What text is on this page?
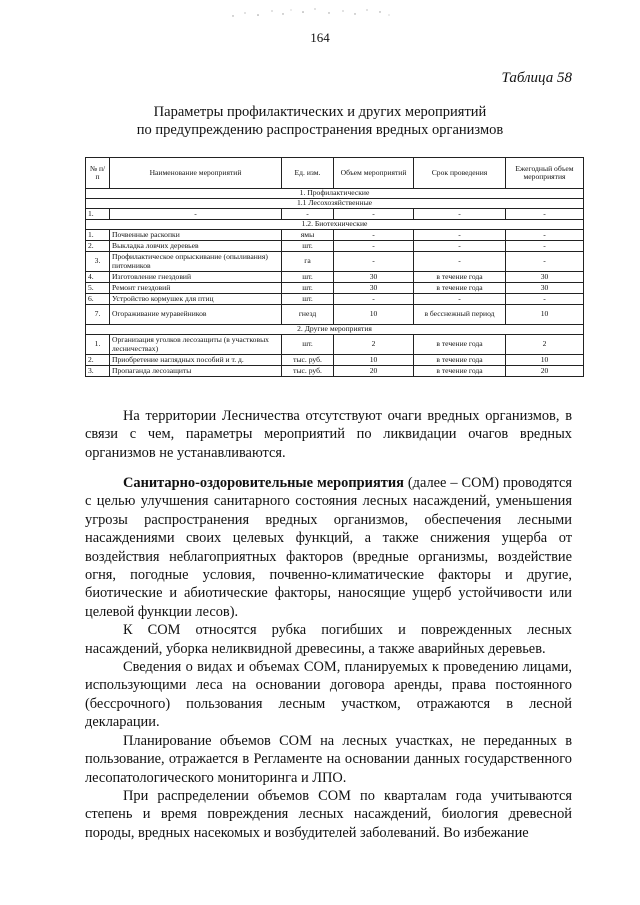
164
Таблица 58
Параметры профилактических и других мероприятий
по предупреждению распространения вредных организмов
№ п/п	Наименование мероприятий	Ед. изм.	Объем мероприятий	Срок проведения	Ежегодный объем мероприятия
1. Профилактические					
1.1 Лесохозяйственные					
1.	-	-	-	-	-
1.2. Биотехнические					
1.	Почвенные раскопки	ямы	-	-	-
2.	Выкладка ловчих деревьев	шт.	-	-	-
3.	Профилактическое опрыскивание (опыливания) питомников	га	-	-	-
4.	Изготовление гнездовий	шт.	30	в течение года	30
5.	Ремонт гнездовий	шт.	30	в течение года	30
6.	Устройство кормушек для птиц	шт.	-	-	-
7.	Огораживание муравейников	гнезд	10	в бесснежный период	10
2. Другие мероприятия					
1.	Организация уголков лесозащиты (в участковых лесничествах)	шт.	2	в течение года	2
2.	Приобретение наглядных пособий и т. д.	тыс. руб.	10	в течение года	10
3.	Пропаганда лесозащиты	тыс. руб.	20	в течение года	20

На территории Лесничества отсутствуют очаги вредных организмов, в связи с чем, параметры мероприятий по ликвидации очагов вредных организмов не устанавливаются.

Санитарно-оздоровительные мероприятия (далее – СОМ) проводятся с целью улучшения санитарного состояния лесных насаждений, уменьшения угрозы распространения вредных организмов, обеспечения лесными насаждениями своих целевых функций, а также снижения ущерба от воздействия неблагоприятных факторов (вредные организмы, воздействие огня, погодные условия, почвенно-климатические факторы и другие, биотические и абиотические факторы, наносящие ущерб устойчивости или целевой функции лесов).

К СОМ относятся рубка погибших и поврежденных лесных насаждений, уборка неликвидной древесины, а также аварийных деревьев.

Сведения о видах и объемах СОМ, планируемых к проведению лицами, использующими леса на основании договора аренды, права постоянного (бессрочного) пользования лесным участком, отражаются в лесной декларации.

Планирование объемов СОМ на лесных участках, не переданных в пользование, отражается в Регламенте на основании данных государственного лесопатологического мониторинга и ЛПО.

При распределении объемов СОМ по кварталам года учитываются степень и время повреждения лесных насаждений, биология древесной породы, вредных насекомых и возбудителей заболеваний. Во избежание
